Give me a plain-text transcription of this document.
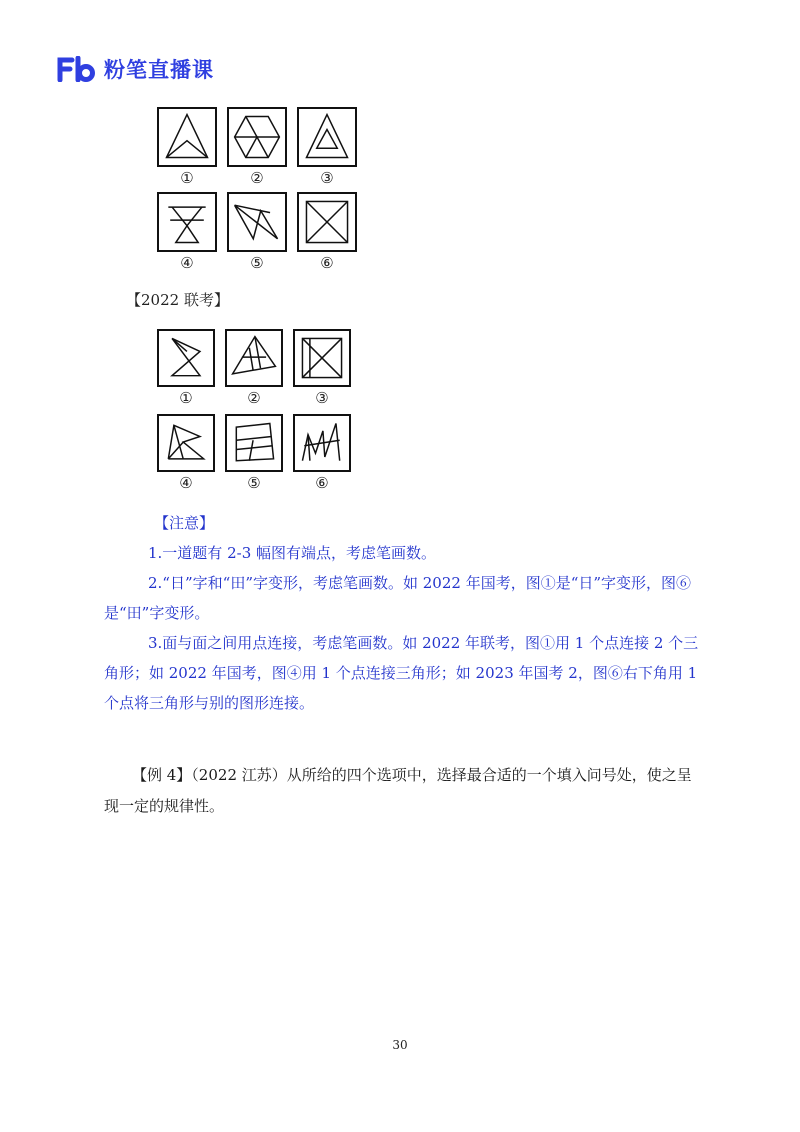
粉笔直播课
①	②	③
④	⑤	⑥
【2022 联考】
①	②	③
④	⑤	⑥

【注意】

1.一道题有 2-3 幅图有端点，考虑笔画数。

2.“日”字和“田”字变形，考虑笔画数。如 2022 年国考，图①是“日”字变形，图⑥是“田”字变形。

3.面与面之间用点连接，考虑笔画数。如 2022 年联考，图①用 1 个点连接 2 个三角形；如 2022 年国考，图④用 1 个点连接三角形；如 2023 年国考 2，图⑥右下角用 1 个点将三角形与别的图形连接。

【例 4】（2022 江苏）从所给的四个选项中，选择最合适的一个填入问号处，使之呈现一定的规律性。

30
